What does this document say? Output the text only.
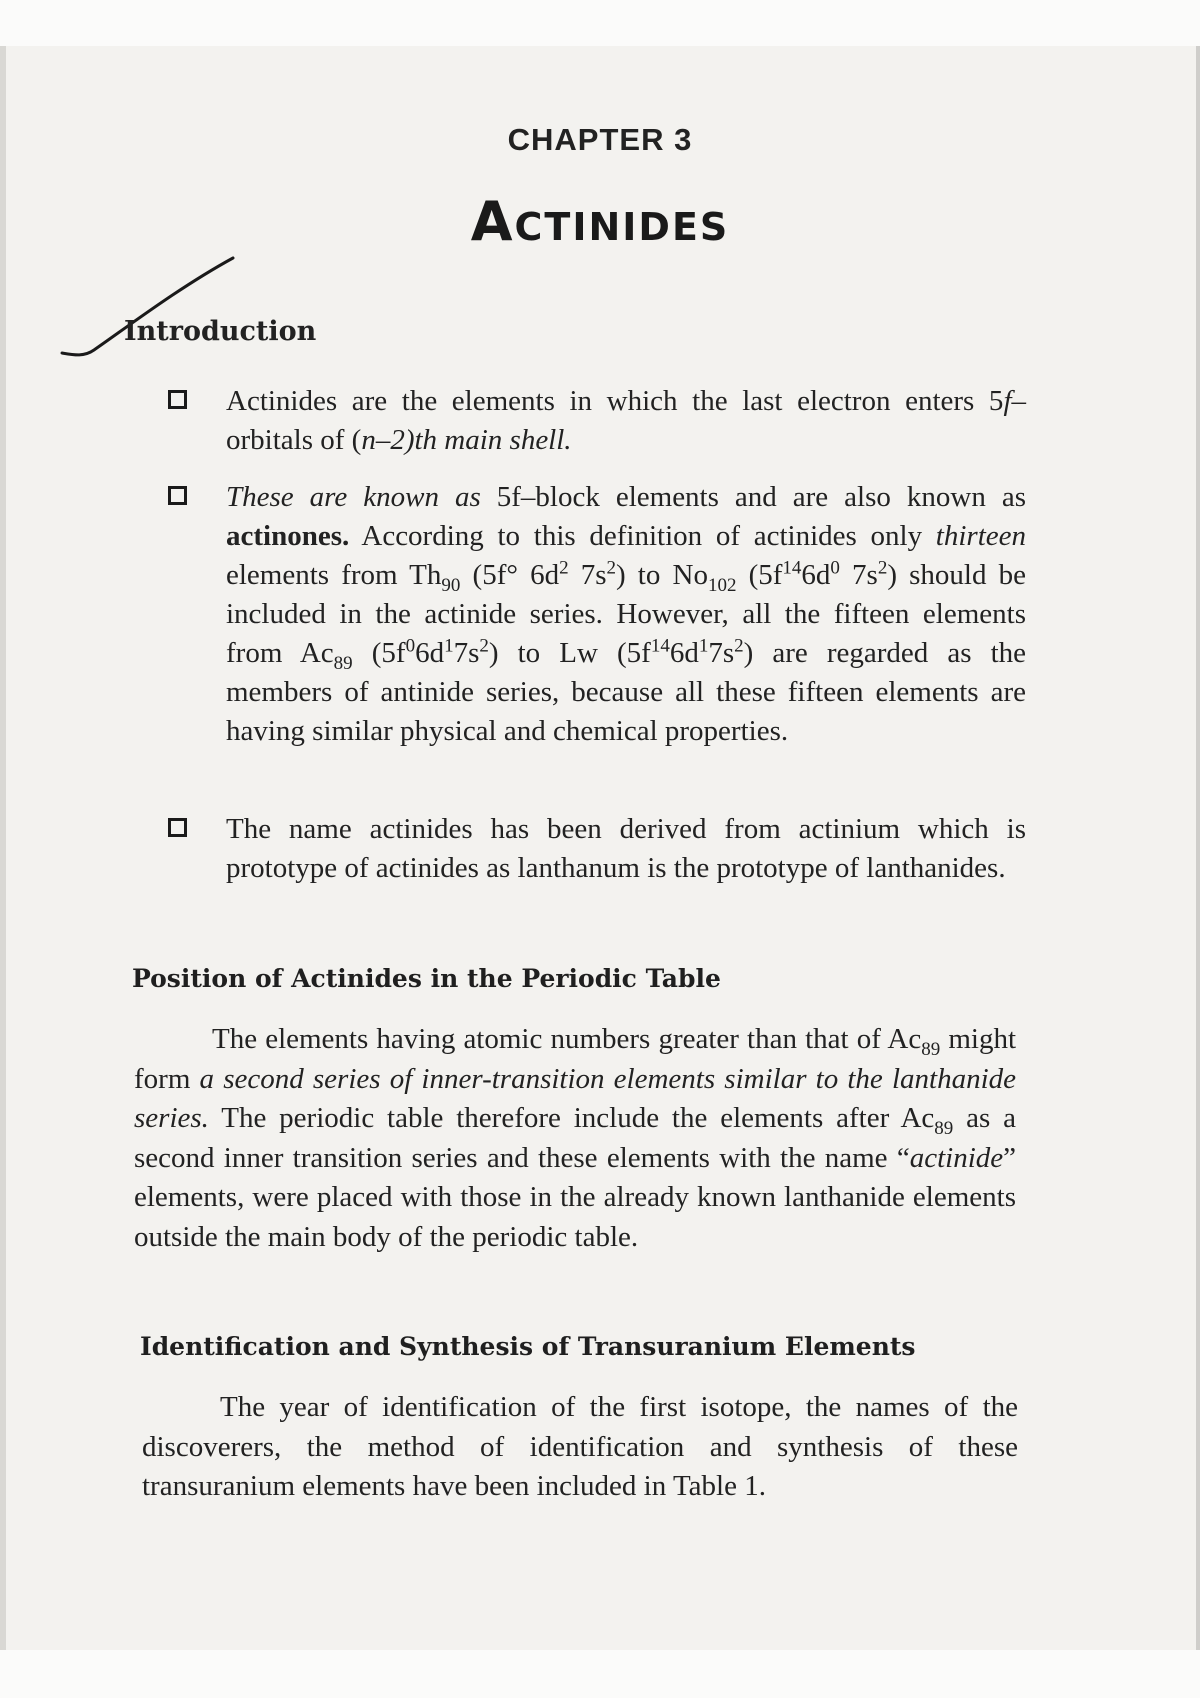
CHAPTER 3
Actinides
Introduction
Actinides are the elements in which the last electron enters 5f–orbitals of (n–2)th main shell.
These are known as 5f–block elements and are also known as actinones. According to this definition of actinides only thirteen elements from $Th_{90}$ (5f° $6d^2$ $7s^2$) to $No_{102}$ ($5f^{14}6d^0$ $7s^2$) should be included in the actinide series. However, all the fifteen elements from $Ac_{89}$ $(5f^06d^17s^2)$ to Lw $(5f^{14}6d^17s^2)$ are regarded as the members of antinide series, because all these fifteen elements are having similar physical and chemical properties.
The name actinides has been derived from actinium which is prototype of actinides as lanthanum is the prototype of lanthanides.
Position of Actinides in the Periodic Table
The elements having atomic numbers greater than that of $Ac_{89}$ might form a second series of inner-transition elements similar to the lanthanide series. The periodic table therefore include the elements after $Ac_{89}$ as a second inner transition series and these elements with the name “actinide” elements, were placed with those in the already known lanthanide elements outside the main body of the periodic table.
Identification and Synthesis of Transuranium Elements
The year of identification of the first isotope, the names of the discoverers, the method of identification and synthesis of these transuranium elements have been included in Table 1.
